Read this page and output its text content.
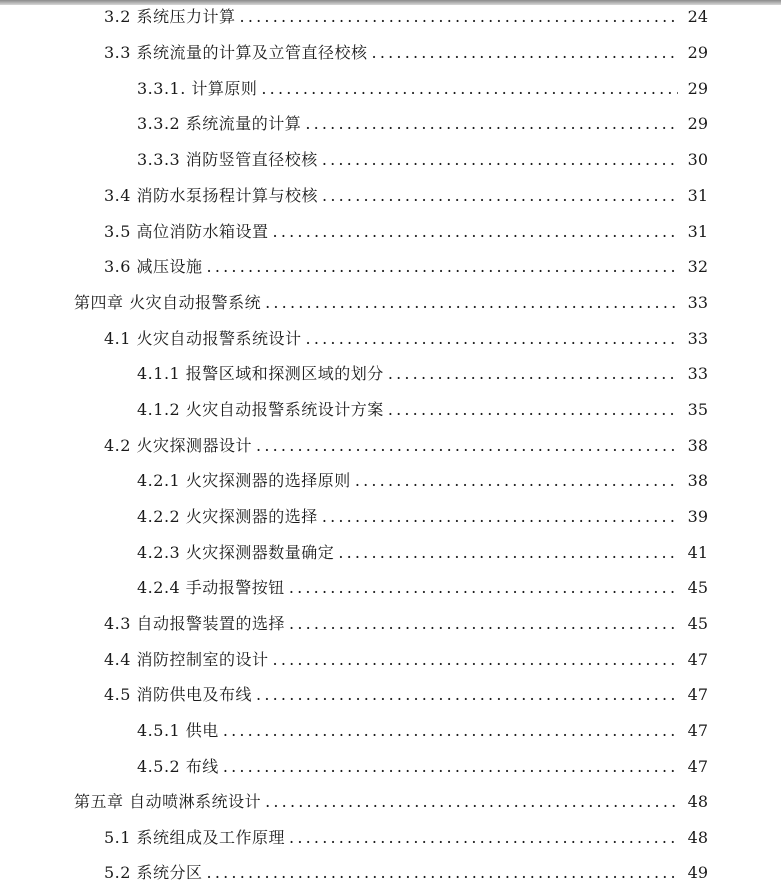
3.2 系统压力计算 .....	24
3.3 系统流量的计算及立管直径校核 .....	29
3.3.1. 计算原则 .....	29
3.3.2 系统流量的计算 .....	29
3.3.3 消防竖管直径校核 .....	30
3.4 消防水泵扬程计算与校核 .....	31
3.5 高位消防水箱设置 .....	31
3.6 减压设施 .....	32
第四章 火灾自动报警系统 .....	33
4.1 火灾自动报警系统设计 .....	33
4.1.1 报警区域和探测区域的划分 .....	33
4.1.2 火灾自动报警系统设计方案 .....	35
4.2 火灾探测器设计 .....	38
4.2.1 火灾探测器的选择原则 .....	38
4.2.2 火灾探测器的选择 .....	39
4.2.3 火灾探测器数量确定 .....	41
4.2.4 手动报警按钮 .....	45
4.3 自动报警装置的选择 .....	45
4.4 消防控制室的设计 .....	47
4.5 消防供电及布线 .....	47
4.5.1 供电 .....	47
4.5.2 布线 .....	47
第五章 自动喷淋系统设计 .....	48
5.1 系统组成及工作原理 .....	48
5.2 系统分区 .....	49
